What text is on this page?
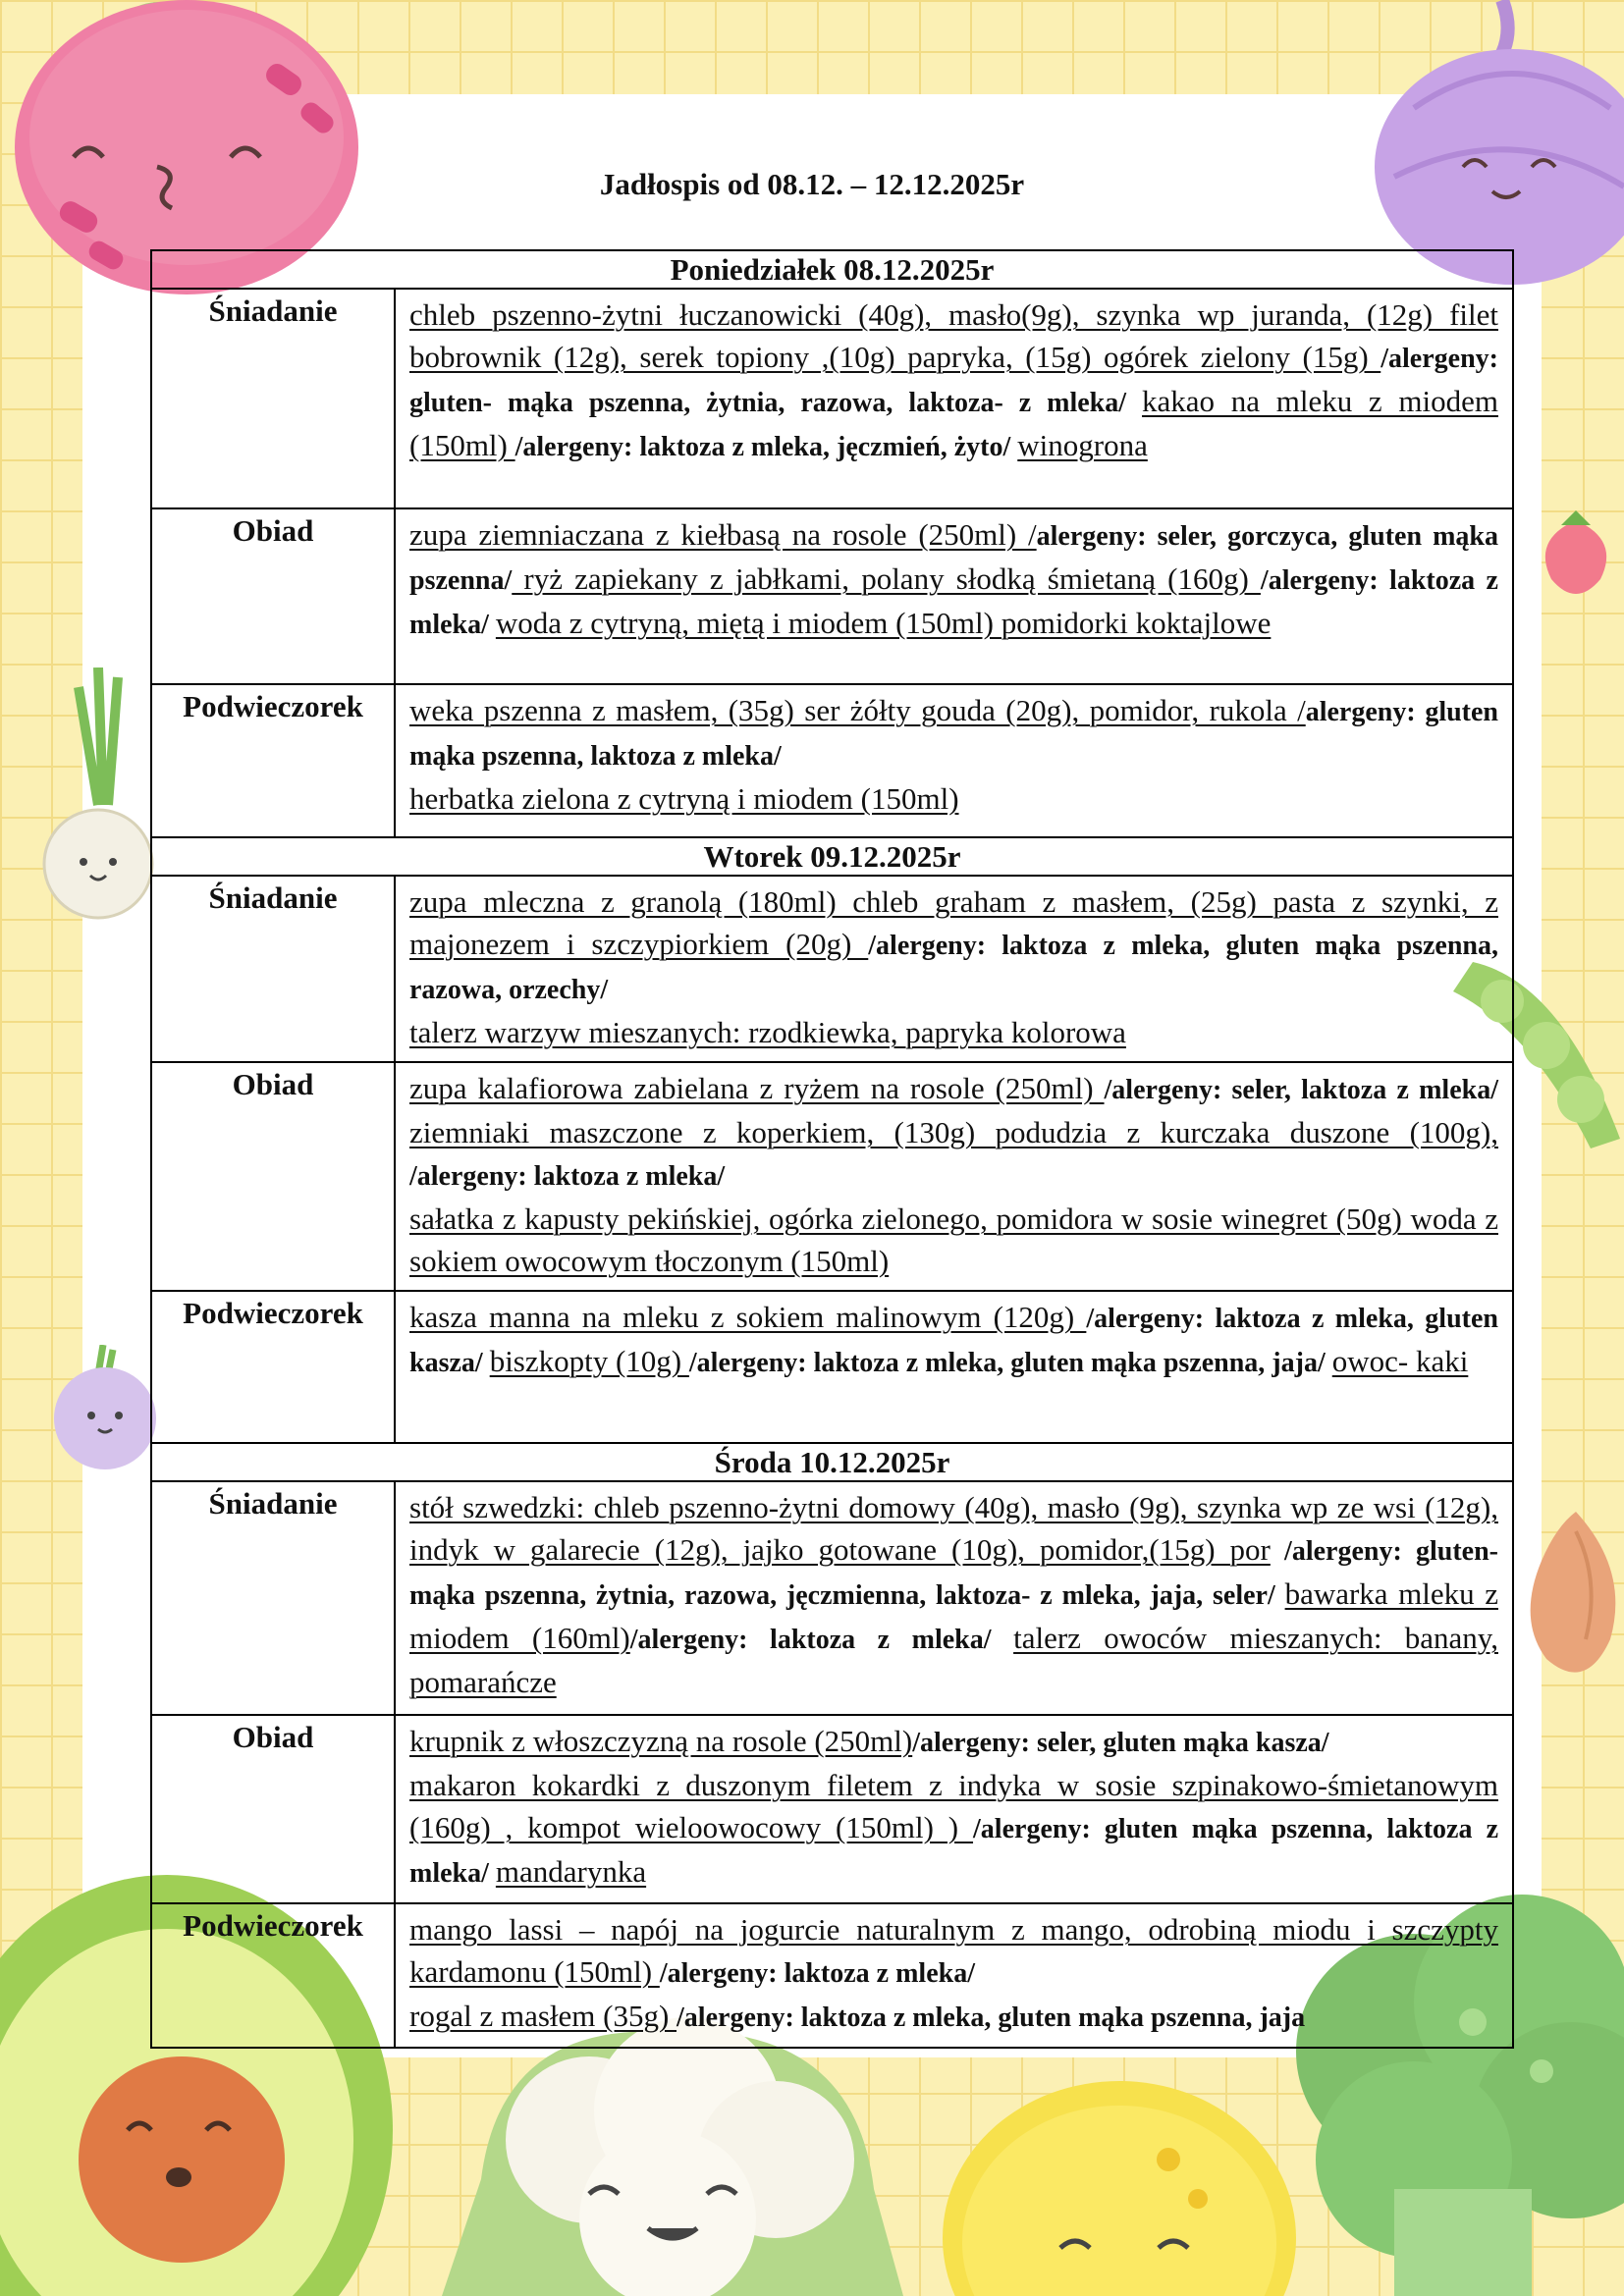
Jadłospis od 08.12. – 12.12.2025r
Poniedziałek 08.12.2025r	
Śniadanie	chleb pszenno-żytni łuczanowicki (40g), masło(9g), szynka wp juranda, (12g) filet bobrownik (12g), serek topiony ,(10g) papryka, (15g) ogórek zielony (15g) /alergeny: gluten- mąka pszenna, żytnia, razowa, laktoza- z mleka/ kakao na mleku z miodem (150ml) /alergeny: laktoza z mleka, jęczmień, żyto/ winogrona
Obiad	zupa ziemniaczana z kiełbasą na rosole (250ml) /alergeny: seler, gorczyca, gluten mąka pszenna/ ryż zapiekany z jabłkami, polany słodką śmietaną (160g) /alergeny: laktoza z mleka/ woda z cytryną, miętą i miodem (150ml) pomidorki koktajlowe
Podwieczorek	weka pszenna z masłem, (35g) ser żółty gouda (20g), pomidor, rukola /alergeny: gluten mąka pszenna, laktoza z mleka/
herbatka zielona z cytryną i miodem (150ml)
Wtorek 09.12.2025r	
Śniadanie	zupa mleczna z granolą (180ml) chleb graham z masłem, (25g) pasta z szynki, z majonezem i szczypiorkiem (20g) /alergeny: laktoza z mleka, gluten mąka pszenna, razowa, orzechy/
talerz warzyw mieszanych: rzodkiewka, papryka kolorowa
Obiad	zupa kalafiorowa zabielana z ryżem na rosole (250ml) /alergeny: seler, laktoza z mleka/ ziemniaki maszczone z koperkiem, (130g) podudzia z kurczaka duszone (100g), /alergeny: laktoza z mleka/
sałatka z kapusty pekińskiej, ogórka zielonego, pomidora w sosie winegret (50g) woda z sokiem owocowym tłoczonym (150ml)
Podwieczorek	kasza manna na mleku z sokiem malinowym (120g) /alergeny: laktoza z mleka, gluten kasza/ biszkopty (10g) /alergeny: laktoza z mleka, gluten mąka pszenna, jaja/ owoc- kaki
Środa 10.12.2025r	
Śniadanie	stół szwedzki: chleb pszenno-żytni domowy (40g), masło (9g), szynka wp ze wsi (12g), indyk w galarecie (12g), jajko gotowane (10g), pomidor,(15g) por /alergeny: gluten- mąka pszenna, żytnia, razowa, jęczmienna, laktoza- z mleka, jaja, seler/ bawarka mleku z miodem (160ml)/alergeny: laktoza z mleka/ talerz owoców mieszanych: banany, pomarańcze
Obiad	krupnik z włoszczyzną na rosole (250ml)/alergeny: seler, gluten mąka kasza/
makaron kokardki z duszonym filetem z indyka w sosie szpinakowo-śmietanowym (160g) , kompot wieloowocowy (150ml) ) /alergeny: gluten mąka pszenna, laktoza z mleka/ mandarynka
Podwieczorek	mango lassi – napój na jogurcie naturalnym z mango, odrobiną miodu i szczypty kardamonu (150ml) /alergeny: laktoza z mleka/
rogal z masłem (35g) /alergeny: laktoza z mleka, gluten mąka pszenna, jaja
